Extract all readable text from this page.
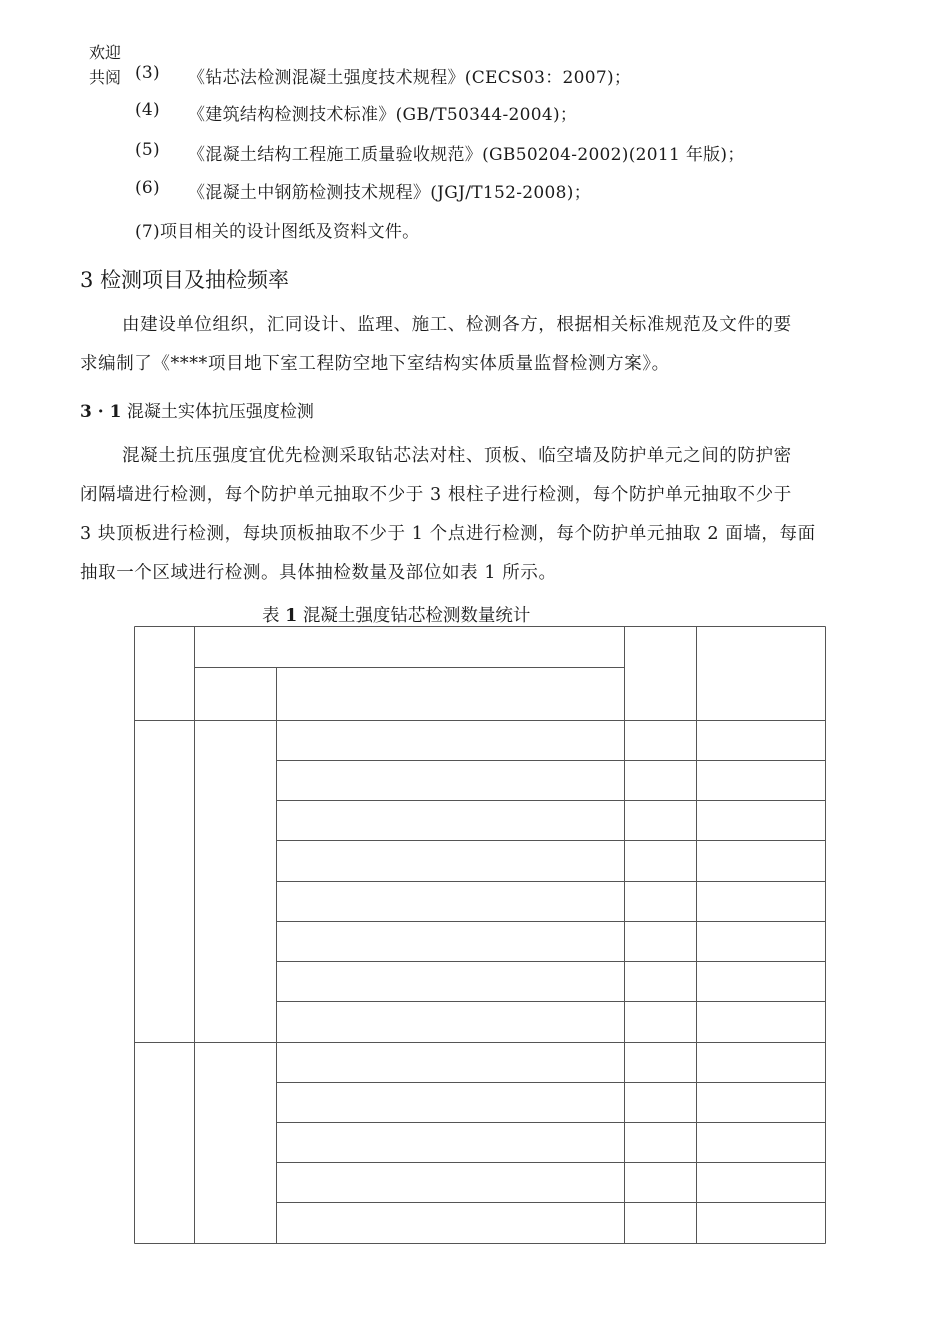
欢迎
共阅 (3) 《钻芯法检测混凝土强度技术规程》(CECS03：2007)；
(4) 《建筑结构检测技术标准》(GB/T50344-2004)；
(5) 《混凝土结构工程施工质量验收规范》(GB50204-2002)(2011 年版)；
(6) 《混凝土中钢筋检测技术规程》(JGJ/T152-2008)；
(7)项目相关的设计图纸及资料文件。
3 检测项目及抽检频率
由建设单位组织，汇同设计、监理、施工、检测各方，根据相关标准规范及文件的要
求编制了《****项目地下室工程防空地下室结构实体质量监督检测方案》。
3 · 1 混凝土实体抗压强度检测
混凝土抗压强度宜优先检测采取钻芯法对柱、顶板、临空墙及防护单元之间的防护密
闭隔墙进行检测，每个防护单元抽取不少于 3 根柱子进行检测，每个防护单元抽取不少于
3 块顶板进行检测，每块顶板抽取不少于 1 个点进行检测，每个防护单元抽取 2 面墙，每面
抽取一个区域进行检测。具体抽检数量及部位如表 1 所示。
表 1 混凝土强度钻芯检测数量统计
